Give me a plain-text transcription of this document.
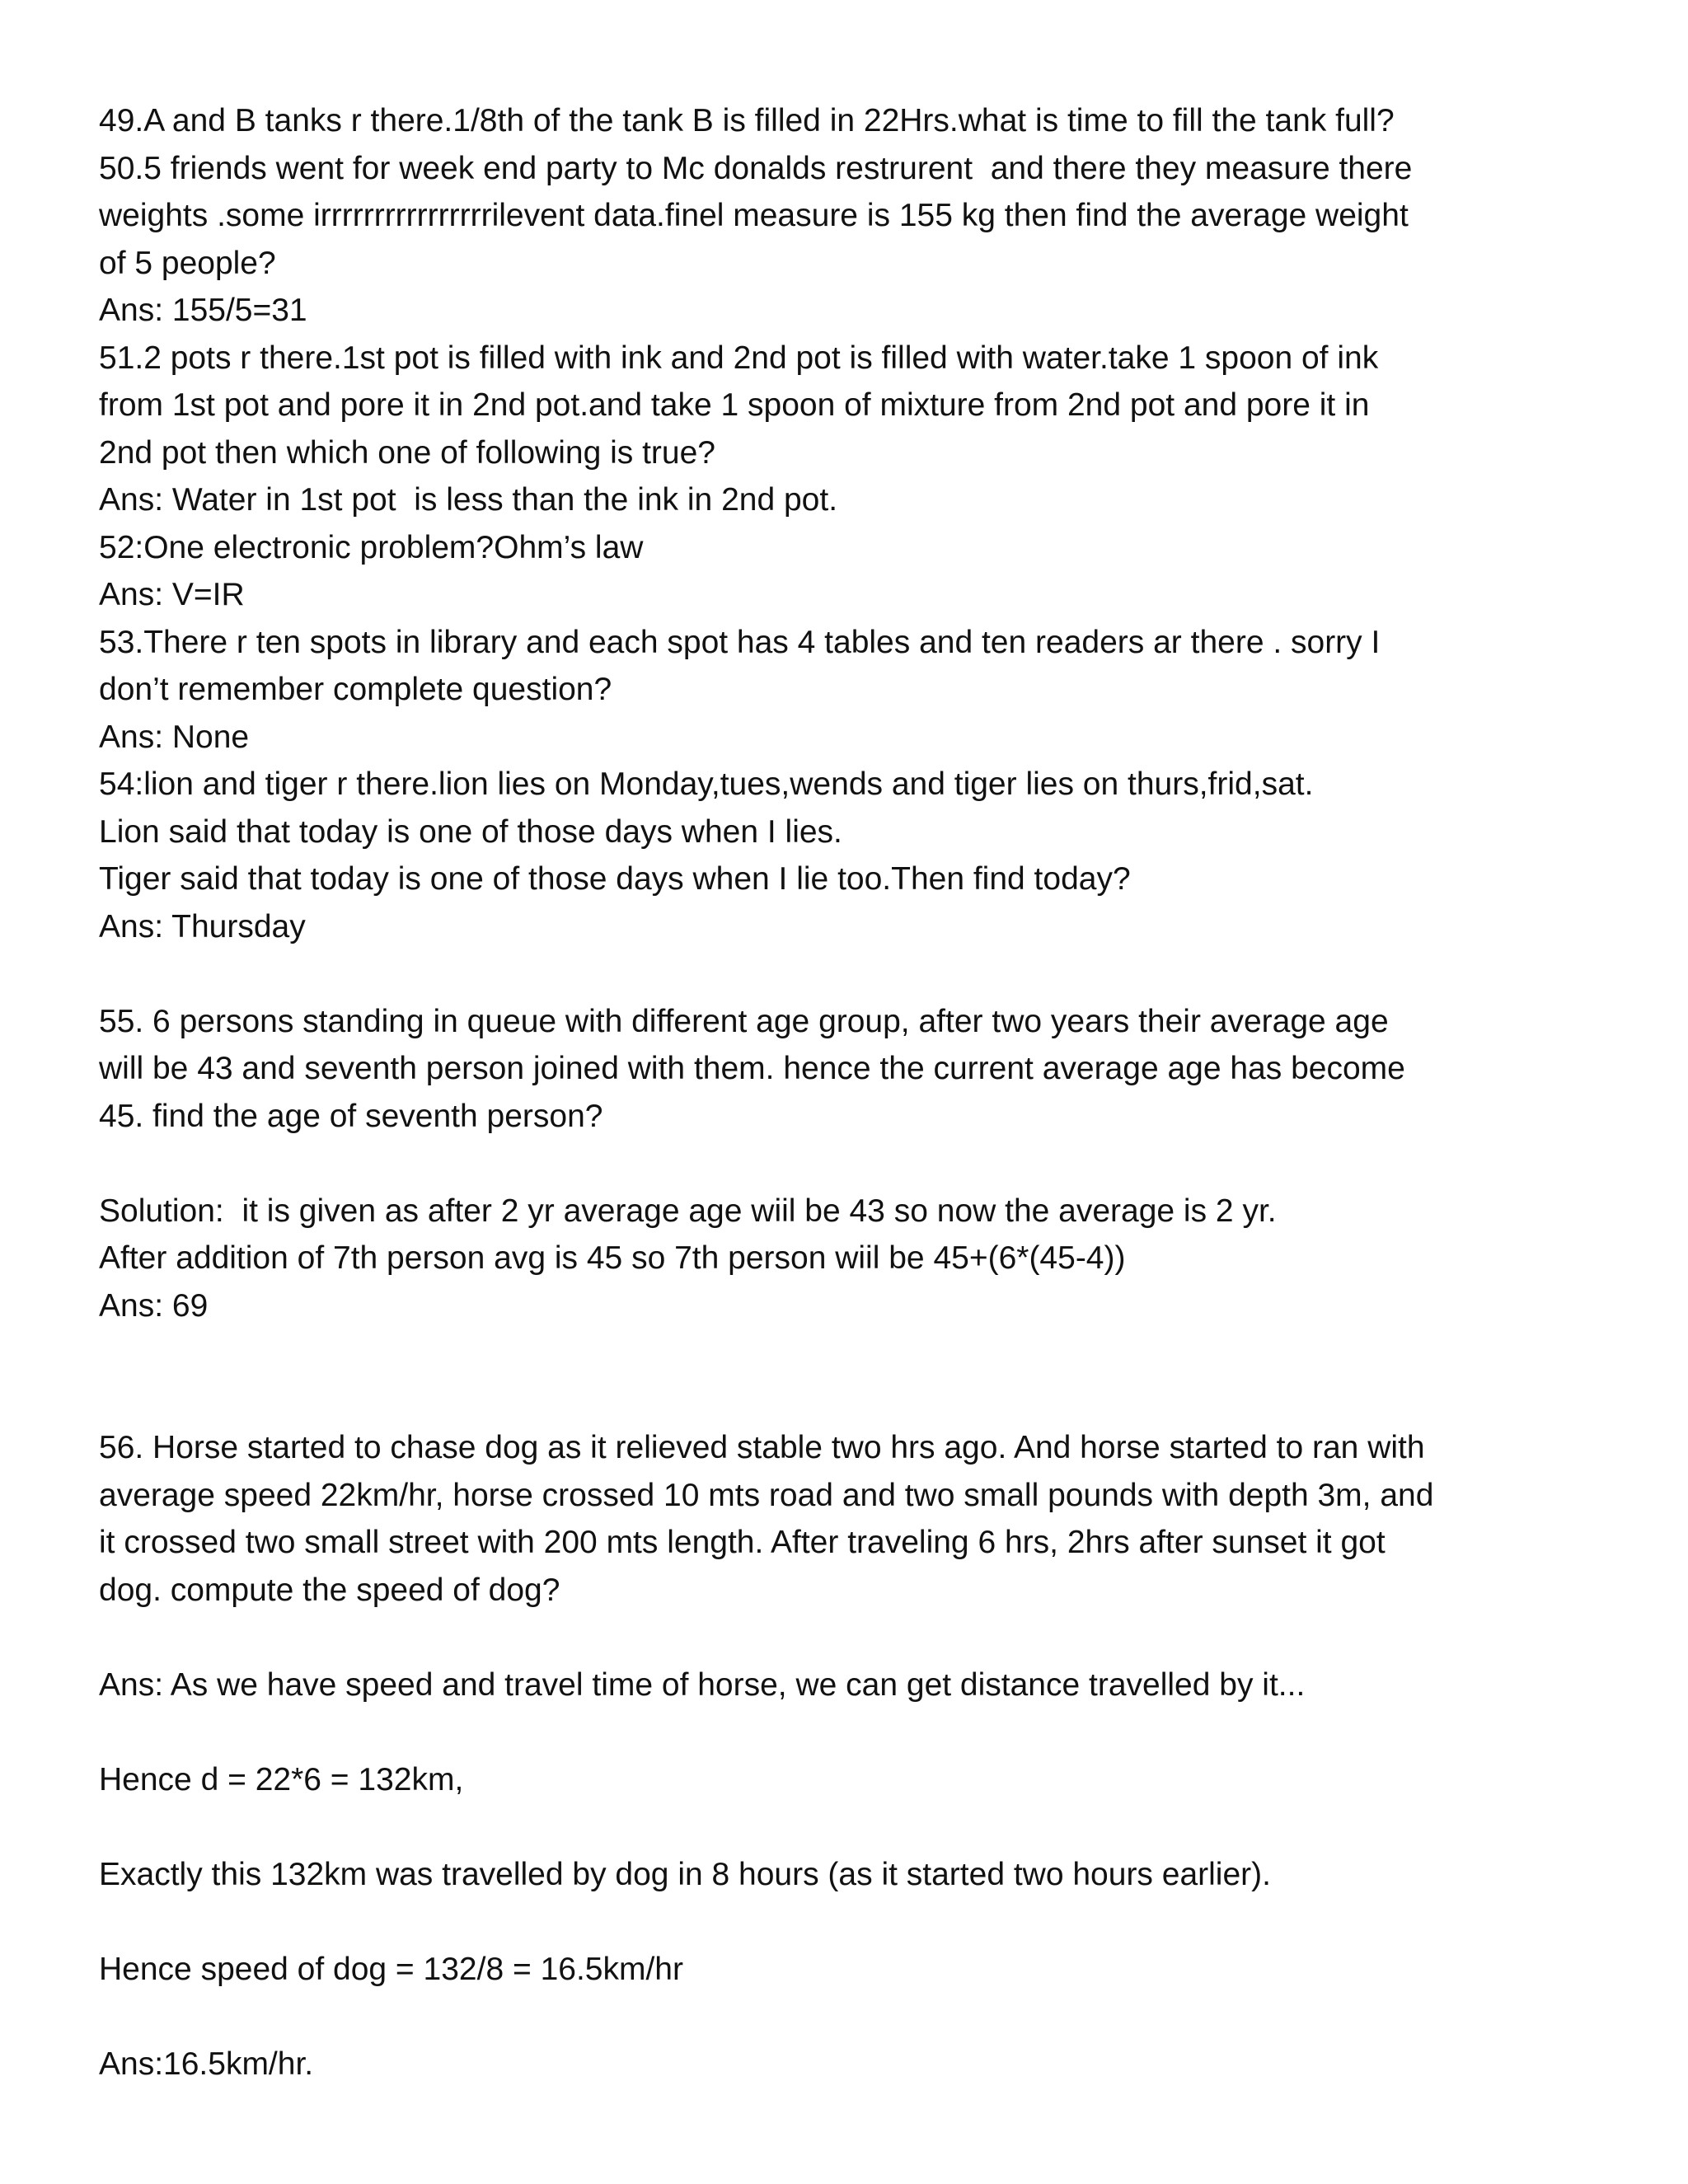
49.A and B tanks r there.1/8th of the tank B is filled in 22Hrs.what is time to fill the tank full?
50.5 friends went for week end party to Mc donalds restrurent  and there they measure there
weights .some irrrrrrrrrrrrrrrrilevent data.finel measure is 155 kg then find the average weight
of 5 people?
Ans: 155/5=31
51.2 pots r there.1st pot is filled with ink and 2nd pot is filled with water.take 1 spoon of ink
from 1st pot and pore it in 2nd pot.and take 1 spoon of mixture from 2nd pot and pore it in
2nd pot then which one of following is true?
Ans: Water in 1st pot  is less than the ink in 2nd pot.
52:One electronic problem?Ohm’s law
Ans: V=IR
53.There r ten spots in library and each spot has 4 tables and ten readers ar there . sorry I
don’t remember complete question?
Ans: None
54:lion and tiger r there.lion lies on Monday,tues,wends and tiger lies on thurs,frid,sat.
Lion said that today is one of those days when I lies.
Tiger said that today is one of those days when I lie too.Then find today?
Ans: Thursday
55. 6 persons standing in queue with different age group, after two years their average age
will be 43 and seventh person joined with them. hence the current average age has become
45. find the age of seventh person?
Solution:  it is given as after 2 yr average age wiil be 43 so now the average is 2 yr.
After addition of 7th person avg is 45 so 7th person wiil be 45+(6*(45-4))
Ans: 69
56. Horse started to chase dog as it relieved stable two hrs ago. And horse started to ran with
average speed 22km/hr, horse crossed 10 mts road and two small pounds with depth 3m, and
it crossed two small street with 200 mts length. After traveling 6 hrs, 2hrs after sunset it got
dog. compute the speed of dog?
Ans: As we have speed and travel time of horse, we can get distance travelled by it...
Hence d = 22*6 = 132km,
Exactly this 132km was travelled by dog in 8 hours (as it started two hours earlier).
Hence speed of dog = 132/8 = 16.5km/hr
Ans:16.5km/hr.
